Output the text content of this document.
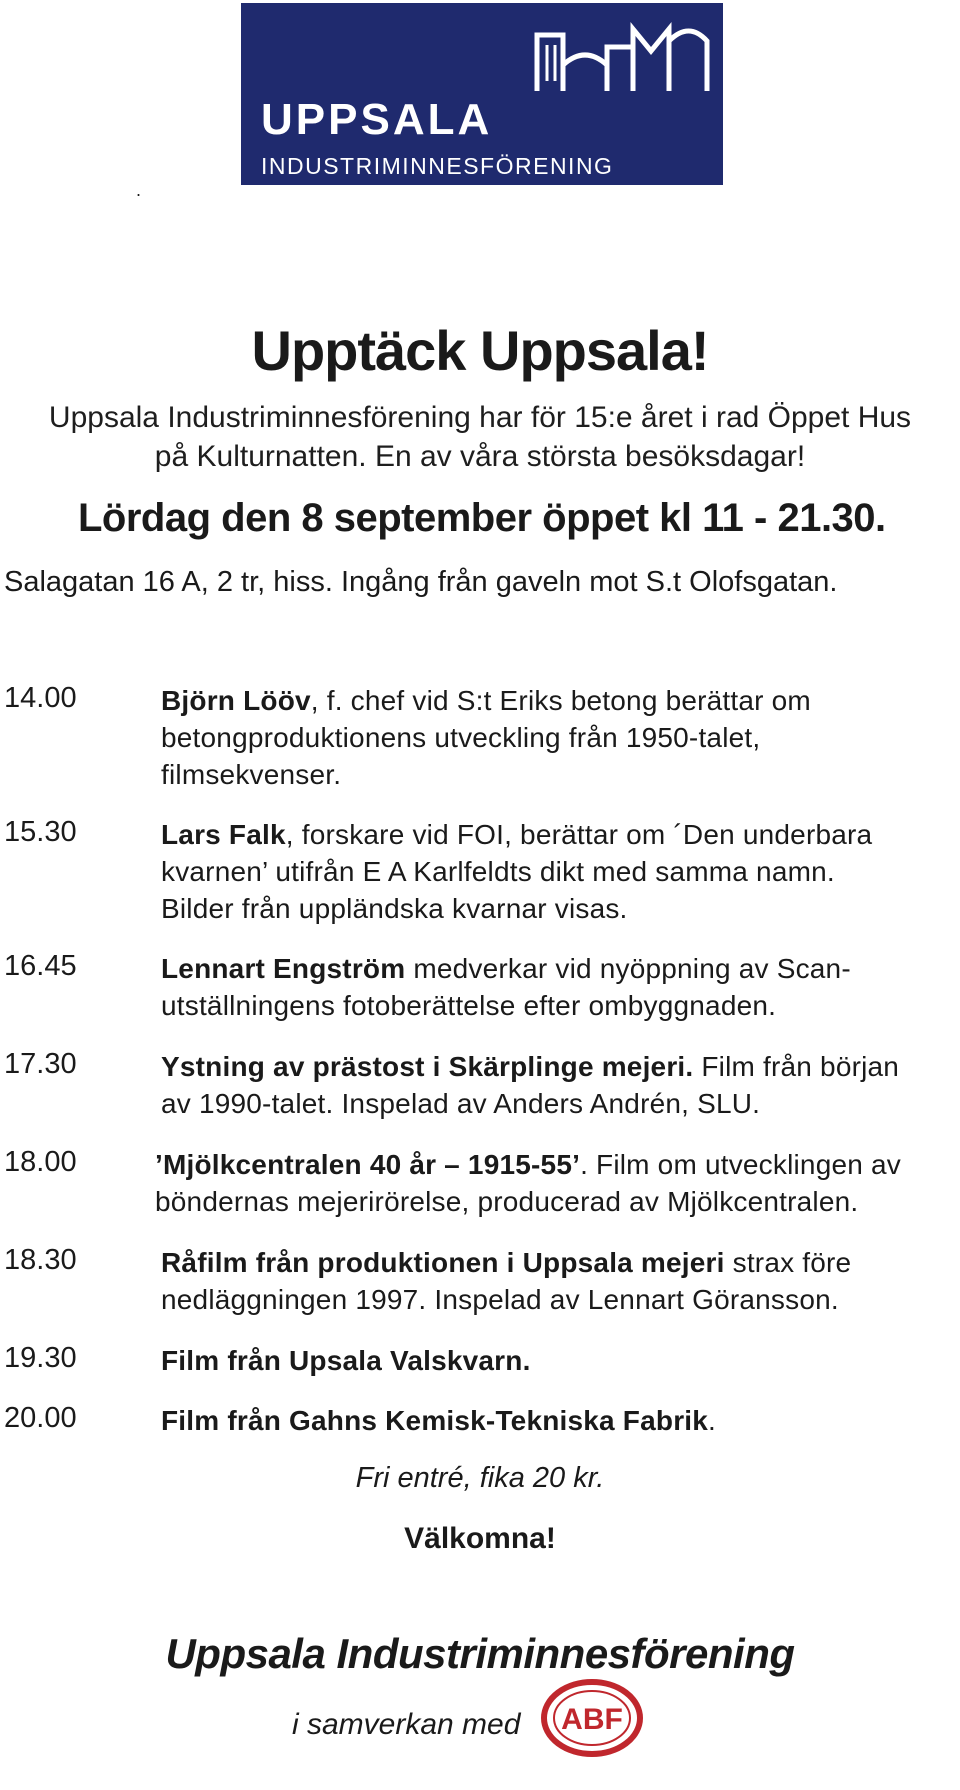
UPPSALA
INDUSTRIMINNESFÖRENING
.
Upptäck Uppsala!
Uppsala Industriminnesförening har för 15:e året i rad Öppet Hus
på Kulturnatten. En av våra största besöksdagar!
Lördag den 8 september öppet kl 11 - 21.30.
Salagatan 16 A, 2 tr, hiss. Ingång från gaveln mot S.t Olofsgatan.
14.00	Björn Lööv, f. chef vid S:t Eriks betong berättar om
betongproduktionens utveckling från 1950-talet,
filmsekvenser.
15.30	Lars Falk, forskare vid FOI, berättar om ´Den underbara
kvarnen’ utifrån E A Karlfeldts dikt med samma namn.
Bilder från uppländska kvarnar visas.
16.45	Lennart Engström medverkar vid nyöppning av Scan-
utställningens fotoberättelse efter ombyggnaden.
17.30	Ystning av prästost i Skärplinge mejeri. Film från början
av 1990-talet. Inspelad av Anders Andrén, SLU.
18.00	’Mjölkcentralen 40 år – 1915-55’. Film om utvecklingen av
böndernas mejerirörelse, producerad av Mjölkcentralen.
18.30	Råfilm från produktionen i Uppsala mejeri strax före
nedläggningen 1997. Inspelad av Lennart Göransson.
19.30	Film från Upsala Valskvarn.
20.00	Film från Gahns Kemisk-Tekniska Fabrik.
Fri entré, fika 20 kr.
Välkomna!
Uppsala Industriminnesförening
i samverkan med ABF
